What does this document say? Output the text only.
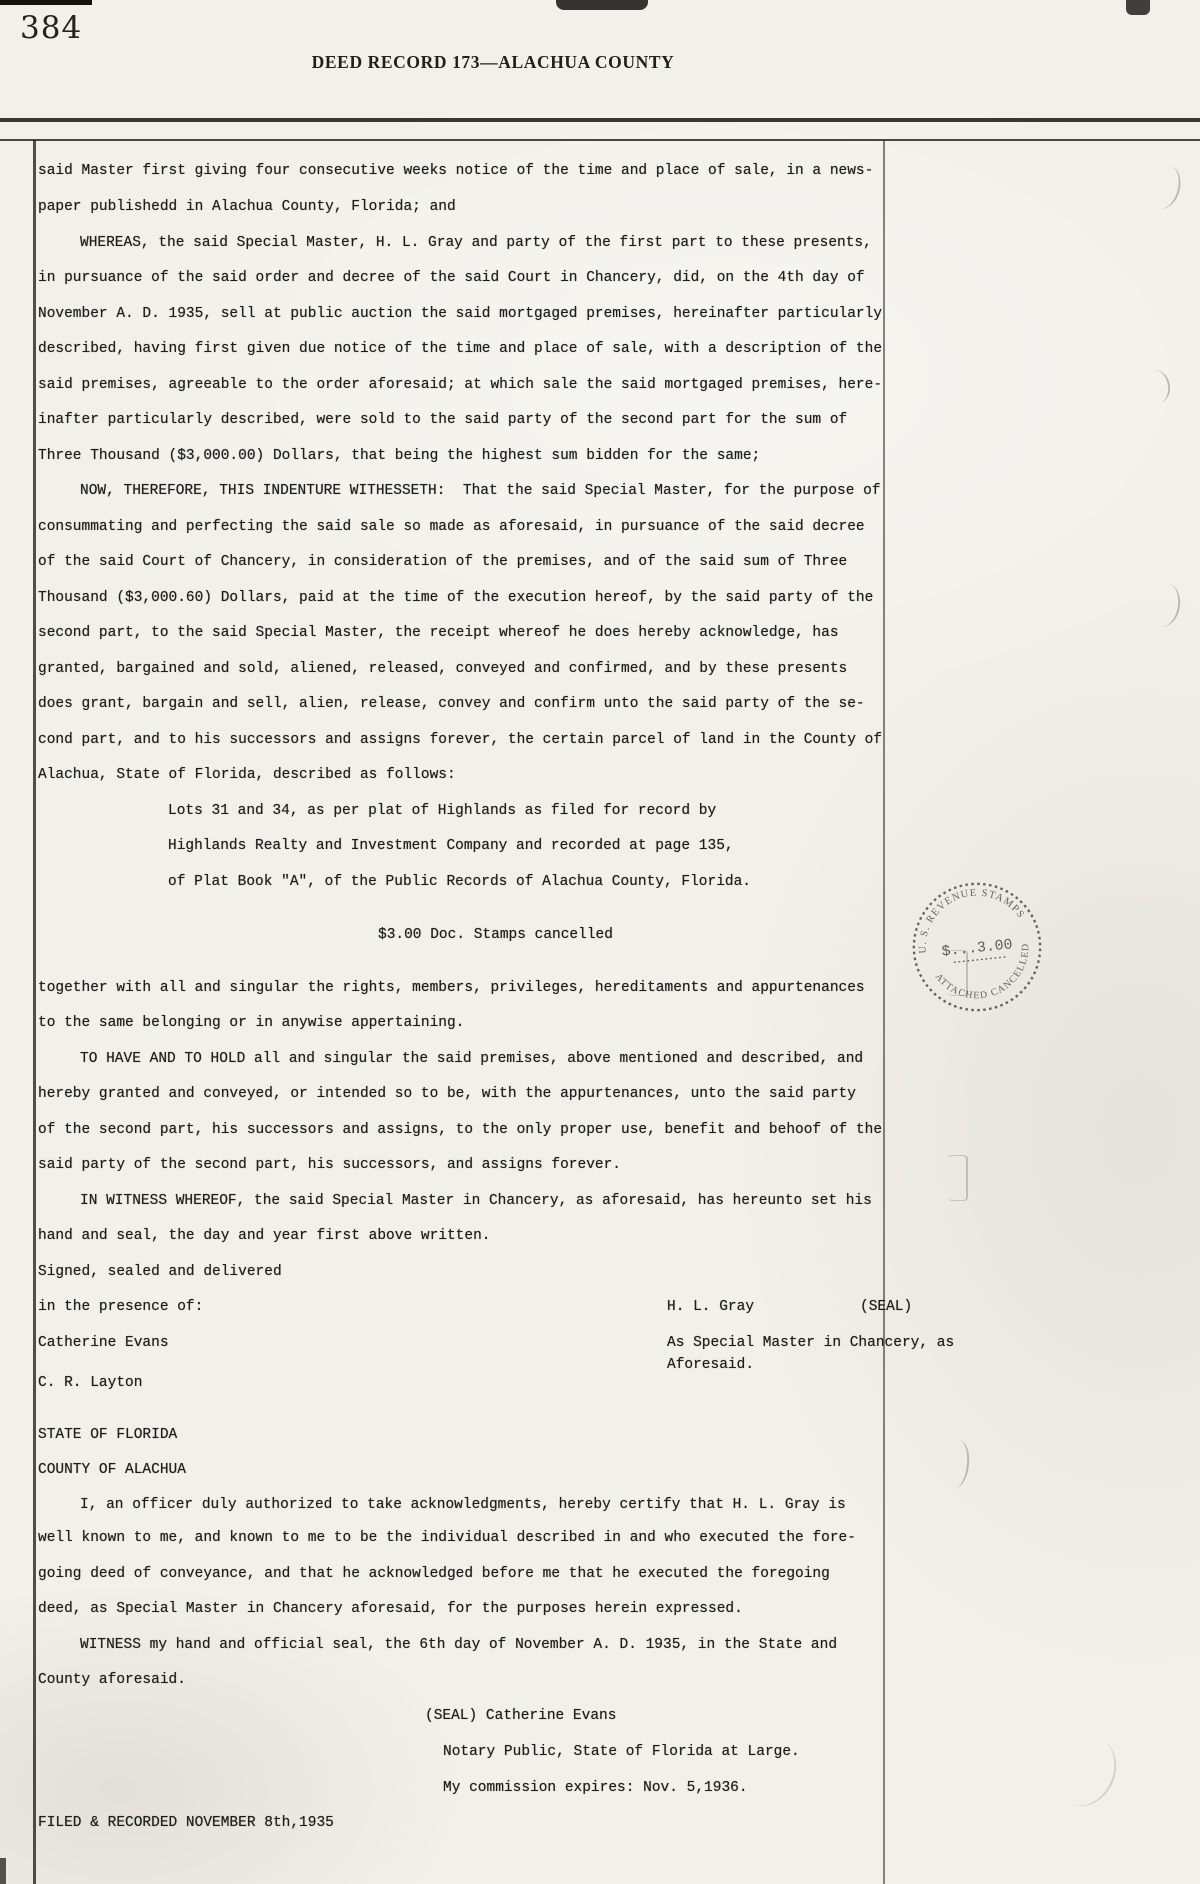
384
DEED RECORD 173—ALACHUA COUNTY
said Master first giving four consecutive weeks notice of the time and place of sale, in a news-
paper publishedd in Alachua County, Florida; and
WHEREAS, the said Special Master, H. L. Gray and party of the first part to these presents,
in pursuance of the said order and decree of the said Court in Chancery, did, on the 4th day of
November A. D. 1935, sell at public auction the said mortgaged premises, hereinafter particularly
described, having first given due notice of the time and place of sale, with a description of the
said premises, agreeable to the order aforesaid; at which sale the said mortgaged premises, here-
inafter particularly described, were sold to the said party of the second part for the sum of
Three Thousand ($3,000.00) Dollars, that being the highest sum bidden for the same;
NOW, THEREFORE, THIS INDENTURE WITHESSETH:  That the said Special Master, for the purpose of
consummating and perfecting the said sale so made as aforesaid, in pursuance of the said decree
of the said Court of Chancery, in consideration of the premises, and of the said sum of Three
Thousand ($3,000.60) Dollars, paid at the time of the execution hereof, by the said party of the
second part, to the said Special Master, the receipt whereof he does hereby acknowledge, has
granted, bargained and sold, aliened, released, conveyed and confirmed, and by these presents
does grant, bargain and sell, alien, release, convey and confirm unto the said party of the se-
cond part, and to his successors and assigns forever, the certain parcel of land in the County of
Alachua, State of Florida, described as follows:
Lots 31 and 34, as per plat of Highlands as filed for record by
Highlands Realty and Investment Company and recorded at page 135,
of Plat Book "A", of the Public Records of Alachua County, Florida.
$3.00 Doc. Stamps cancelled
together with all and singular the rights, members, privileges, hereditaments and appurtenances
to the same belonging or in anywise appertaining.
TO HAVE AND TO HOLD all and singular the said premises, above mentioned and described, and
hereby granted and conveyed, or intended so to be, with the appurtenances, unto the said party
of the second part, his successors and assigns, to the only proper use, benefit and behoof of the
said party of the second part, his successors, and assigns forever.
IN WITNESS WHEREOF, the said Special Master in Chancery, as aforesaid, has hereunto set his
hand and seal, the day and year first above written.
Signed, sealed and delivered
in the presence of:	H. L. Gray	(SEAL)
Catherine Evans	As Special Master in Chancery, as
Aforesaid.
C. R. Layton
STATE OF FLORIDA
COUNTY OF ALACHUA
I, an officer duly authorized to take acknowledgments, hereby certify that H. L. Gray is
well known to me, and known to me to be the individual described in and who executed the fore-
going deed of conveyance, and that he acknowledged before me that he executed the foregoing
deed, as Special Master in Chancery aforesaid, for the purposes herein expressed.
WITNESS my hand and official seal, the 6th day of November A. D. 1935, in the State and
County aforesaid.
(SEAL) Catherine Evans
Notary Public, State of Florida at Large.
My commission expires: Nov. 5,1936.
FILED & RECORDED NOVEMBER 8th,1935
U. S. REVENUE STAMPS
ATTACHED CANCELLED
$...3.00
